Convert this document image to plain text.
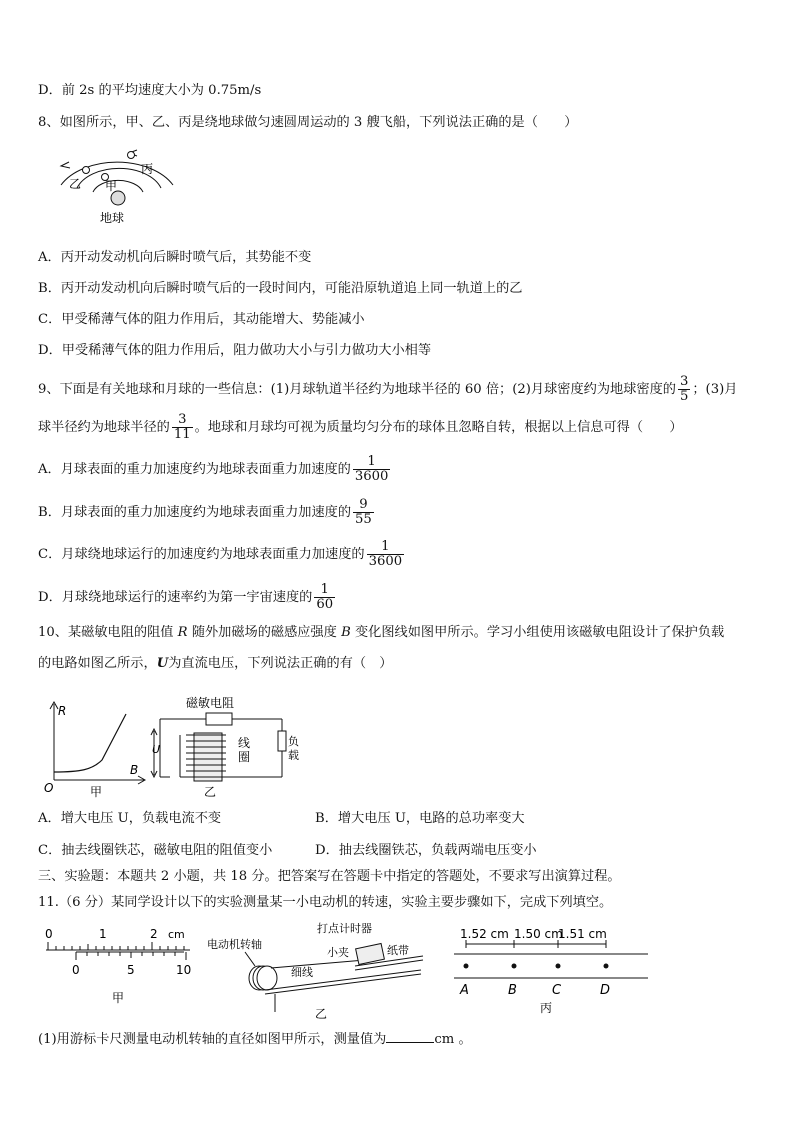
D．前 2s 的平均速度大小为 0.75m/s
8、如图所示，甲、乙、丙是绕地球做匀速圆周运动的 3 艘飞船，下列说法正确的是（　　）
乙 甲
丙
地球
A．丙开动发动机向后瞬时喷气后，其势能不变
B．丙开动发动机向后瞬时喷气后的一段时间内，可能沿原轨道追上同一轨道上的乙
C．甲受稀薄气体的阻力作用后，其动能增大、势能减小
D．甲受稀薄气体的阻力作用后，阻力做功大小与引力做功大小相等
9、下面是有关地球和月球的一些信息：(1)月球轨道半径约为地球半径的 60 倍；(2)月球密度约为地球密度的 $\frac{3}{5}$ ；(3)月
球半径约为地球半径的 $\frac{3}{11}$ 。地球和月球均可视为质量均匀分布的球体且忽略自转，根据以上信息可得（　　）
A．月球表面的重力加速度约为地球表面重力加速度的 $\frac{1}{3600}$
B．月球表面的重力加速度约为地球表面重力加速度的 $\frac{9}{55}$
C．月球绕地球运行的加速度约为地球表面重力加速度的 $\frac{1}{3600}$
D．月球绕地球运行的速率约为第一宇宙速度的 $\frac{1}{60}$
10、某磁敏电阻的阻值 R 随外加磁场的磁感应强度 B 变化图线如图甲所示。学习小组使用该磁敏电阻设计了保护负载
的电路如图乙所示，U为直流电压，下列说法正确的有（　）
R
B
O	甲
磁敏电阻
U	线
圈
负
载
乙
A．增大电压 U，负载电流不变	B．增大电压 U，电路的总功率变大
C．抽去线圈铁芯，磁敏电阻的阻值变小	D．抽去线圈铁芯，负载两端电压变小
三、实验题：本题共 2 小题，共 18 分。把答案写在答题卡中指定的答题处，不要求写出演算过程。
11.（6 分）某同学设计以下的实验测量某一小电动机的转速，实验主要步骤如下，完成下列填空。
0	1	2 cm
0	5	10
甲
打点计时器
电动机转轴
小夹	纸带
细线
乙
1.52 cm 1.50 cm
1.51 cm
A	B	C	D
丙
(1)用游标卡尺测量电动机转轴的直径如图甲所示，测量值为	cm 。
